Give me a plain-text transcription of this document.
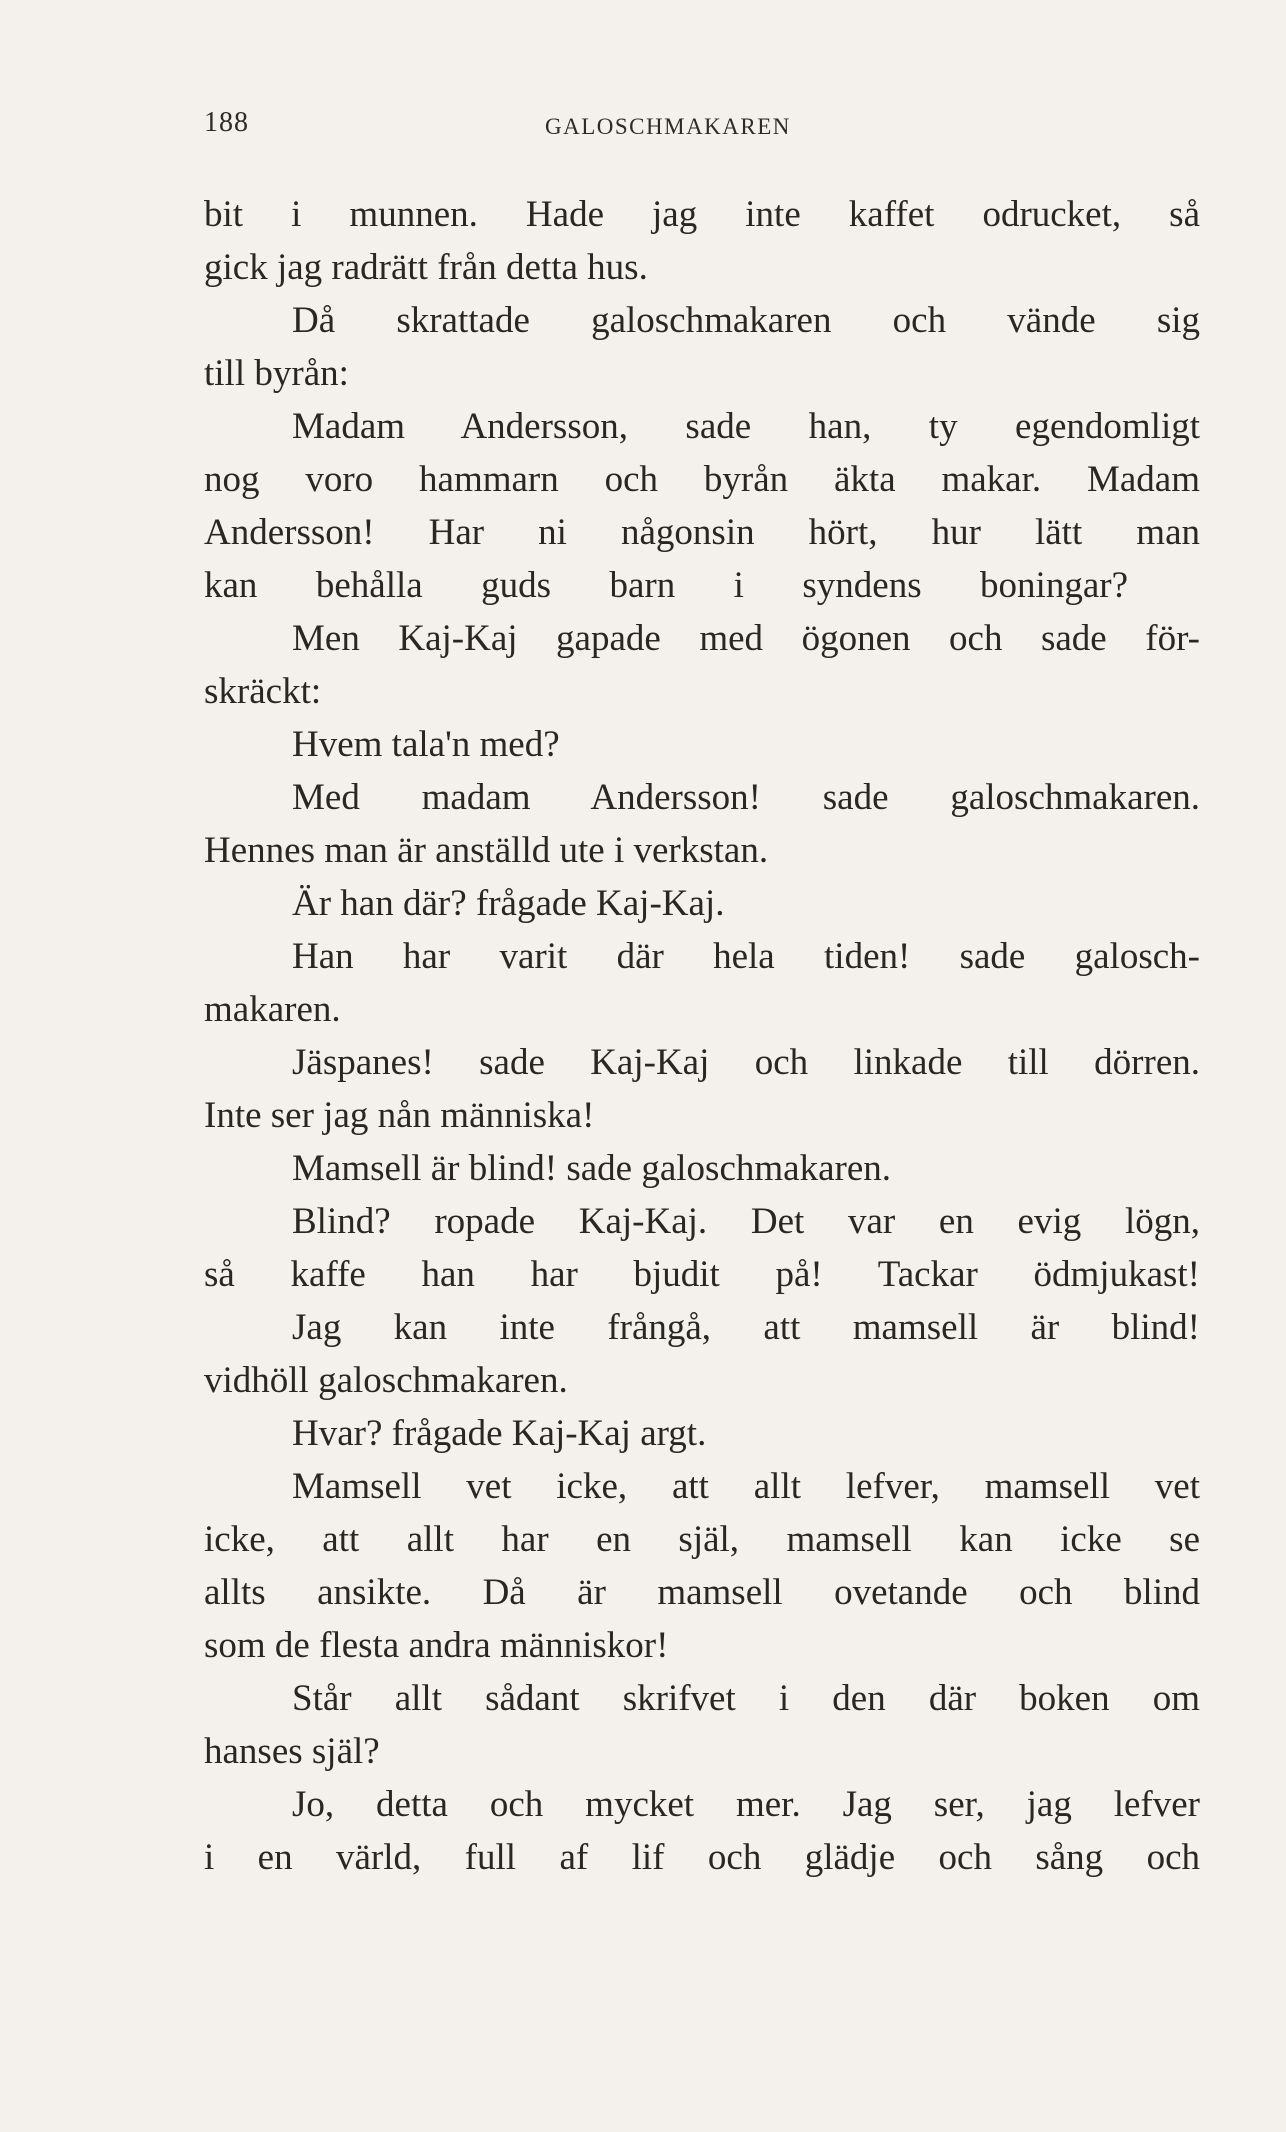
188	GALOSCHMAKAREN
bit i munnen. Hade jag inte kaffet odrucket, så
gick jag radrätt från detta hus.
Då skrattade galoschmakaren och vände sig
till byrån:
Madam Andersson, sade han, ty egendomligt
nog voro hammarn och byrån äkta makar. Madam
Andersson! Har ni någonsin hört, hur lätt man
kan behålla guds barn i syndens boningar?
Men Kaj-Kaj gapade med ögonen och sade för-
skräckt:
Hvem tala'n med?
Med madam Andersson! sade galoschmakaren.
Hennes man är anställd ute i verkstan.
Är han där? frågade Kaj-Kaj.
Han har varit där hela tiden! sade galosch-
makaren.
Jäspanes! sade Kaj-Kaj och linkade till dörren.
Inte ser jag nån människa!
Mamsell är blind! sade galoschmakaren.
Blind? ropade Kaj-Kaj. Det var en evig lögn,
så kaffe han har bjudit på! Tackar ödmjukast!
Jag kan inte frångå, att mamsell är blind!
vidhöll galoschmakaren.
Hvar? frågade Kaj-Kaj argt.
Mamsell vet icke, att allt lefver, mamsell vet
icke, att allt har en själ, mamsell kan icke se
allts ansikte. Då är mamsell ovetande och blind
som de flesta andra människor!
Står allt sådant skrifvet i den där boken om
hanses själ?
Jo, detta och mycket mer. Jag ser, jag lefver
i en värld, full af lif och glädje och sång och
